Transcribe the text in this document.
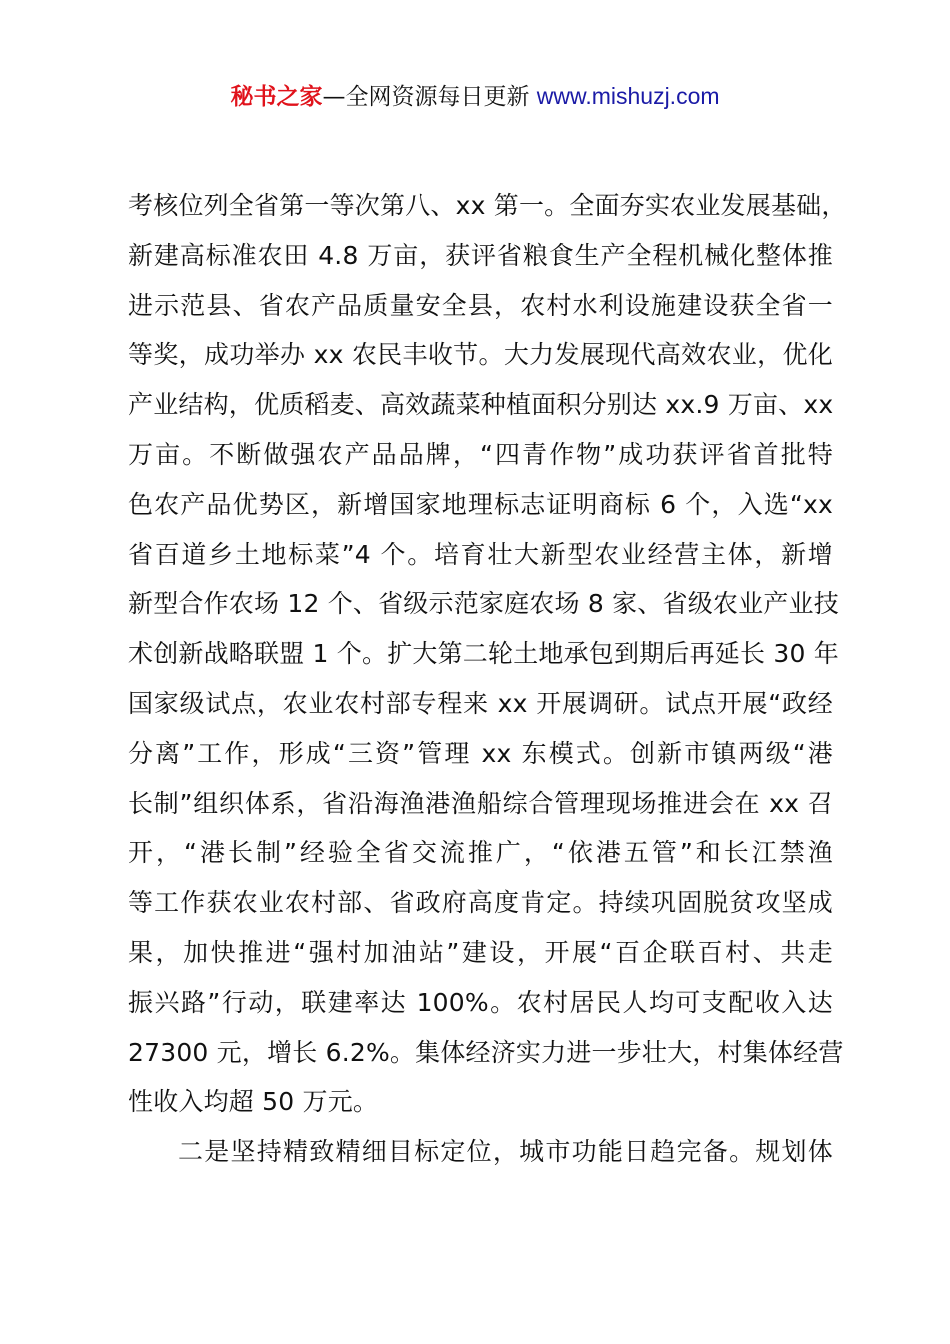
秘书之家—全网资源每日更新 www.mishuzj.com
考核位列全省第一等次第八、xx 第一。全面夯实农业发展基础，
新建高标准农田 4.8 万亩，获评省粮食生产全程机械化整体推
进示范县、省农产品质量安全县，农村水利设施建设获全省一
等奖，成功举办 xx 农民丰收节。大力发展现代高效农业，优化
产业结构，优质稻麦、高效蔬菜种植面积分别达 xx.9 万亩、xx
万亩。不断做强农产品品牌，“四青作物”成功获评省首批特
色农产品优势区，新增国家地理标志证明商标 6 个，入选“xx
省百道乡土地标菜”4 个。培育壮大新型农业经营主体，新增
新型合作农场 12 个、省级示范家庭农场 8 家、省级农业产业技
术创新战略联盟 1 个。扩大第二轮土地承包到期后再延长 30 年
国家级试点，农业农村部专程来 xx 开展调研。试点开展“政经
分离”工作，形成“三资”管理 xx 东模式。创新市镇两级“港
长制”组织体系，省沿海渔港渔船综合管理现场推进会在 xx 召
开，“港长制”经验全省交流推广，“依港五管”和长江禁渔
等工作获农业农村部、省政府高度肯定。持续巩固脱贫攻坚成
果，加快推进“强村加油站”建设，开展“百企联百村、共走
振兴路”行动，联建率达 100%。农村居民人均可支配收入达
27300 元，增长 6.2%。集体经济实力进一步壮大，村集体经营
性收入均超 50 万元。
二是坚持精致精细目标定位，城市功能日趋完备。规划体
